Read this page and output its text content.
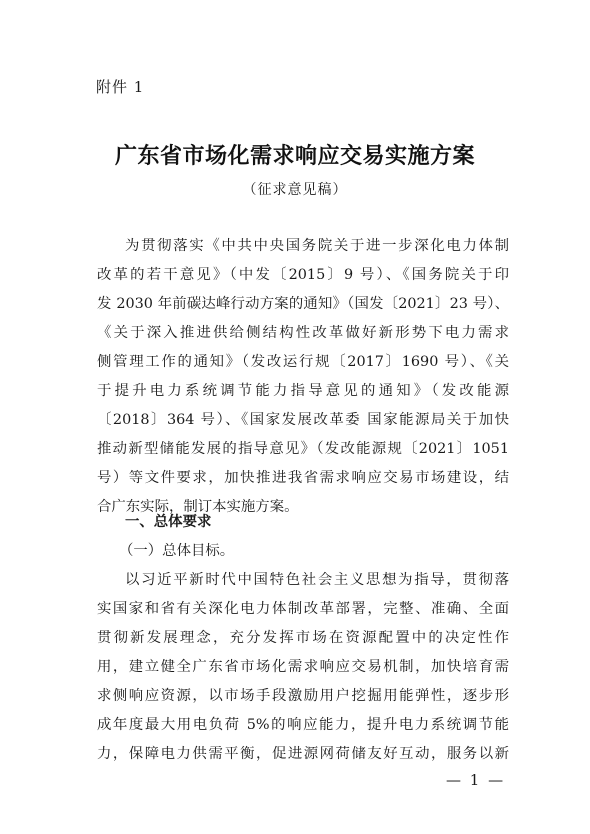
附件 1
广东省市场化需求响应交易实施方案
（征求意见稿）
为贯彻落实《中共中央国务院关于进一步深化电力体制
改革的若干意见》（中发〔2015〕9 号）、《国务院关于印
发 2030 年前碳达峰行动方案的通知》（国发〔2021〕23 号）、
《关于深入推进供给侧结构性改革做好新形势下电力需求
侧管理工作的通知》（发改运行规〔2017〕1690 号）、《关
于提升电力系统调节能力指导意见的通知》（发改能源
〔2018〕364 号）、《国家发展改革委 国家能源局关于加快
推动新型储能发展的指导意见》（发改能源规〔2021〕1051
号）等文件要求，加快推进我省需求响应交易市场建设，结
合广东实际，制订本实施方案。
一、总体要求
（一）总体目标。
以习近平新时代中国特色社会主义思想为指导，贯彻落
实国家和省有关深化电力体制改革部署，完整、准确、全面
贯彻新发展理念，充分发挥市场在资源配置中的决定性作
用，建立健全广东省市场化需求响应交易机制，加快培育需
求侧响应资源，以市场手段激励用户挖掘用能弹性，逐步形
成年度最大用电负荷 5%的响应能力，提升电力系统调节能
力，保障电力供需平衡，促进源网荷储友好互动，服务以新
— 1 —
